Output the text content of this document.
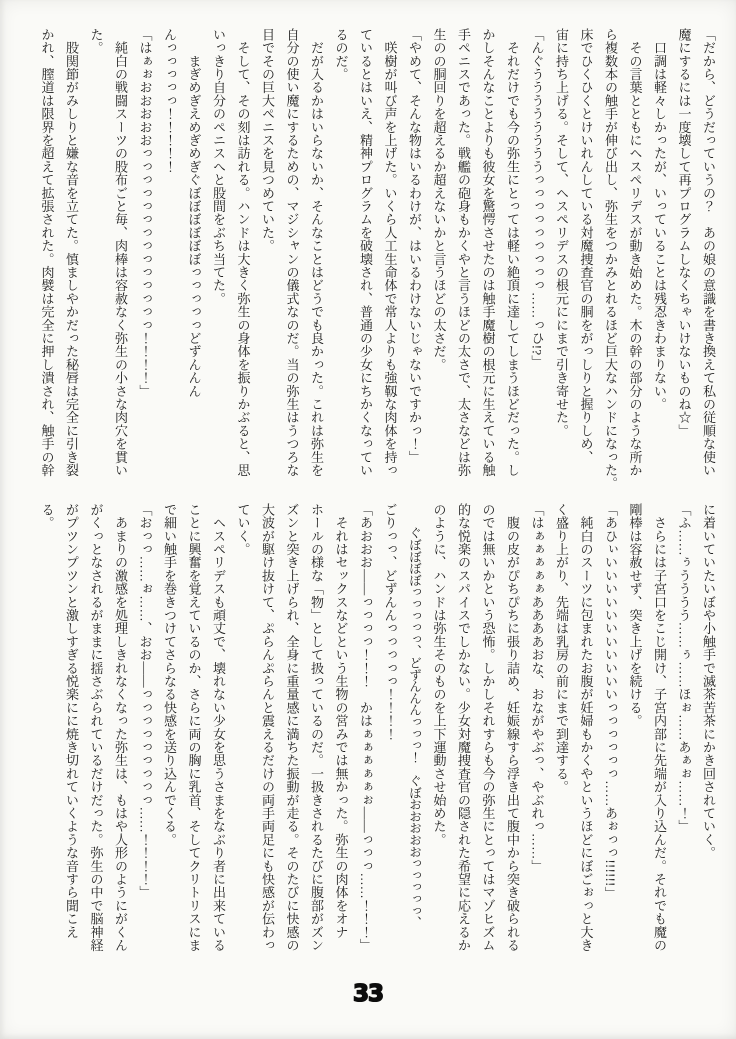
「だから、どうだっていうの？　あの娘の意識を書き換えて私の従順な使い

魔にするには一度壊して再プログラムしなくちゃいけないものね☆」

　口調は軽々しかったが、いっていることは残忍きわまりない。

　その言葉とともにヘスペリデスが動き始めた。木の幹の部分のような所か

ら複数本の触手が伸び出し、弥生をつかみとれるほど巨大なハンドになった。

床でひくひくとけいれんしている対魔捜査官の胴をがっしりと握りしめ、

宙に持ち上げる。そして、ヘスペリデスの根元ににまで引き寄せた。

「んぐううううううううっっっっっっっっっ……っひ!?」

　それだけでも今の弥生にとっては軽い絶頂に達してしまうほどだった。し

かしそんなことよりも彼女を驚愕させたのは触手魔樹の根元に生えている触

手ペニスであった。戦艦の砲身もかくやと言うほどの太さで、太さなどは弥

生のの胴回りを超えるか超えないかと言うほどの太さだ。

「やめて、そんな物はいるわけが、はいるわけないじゃないですかっ！」

　咲樹が叫び声を上げた。いくら人工生命体で常人よりも強靱な肉体を持っ

ているとはいえ、精神プログラムを破壊され、普通の少女にちかくなってい

るのだ。

　だが入るかはいらないか、そんなことはどうでも良かった。これは弥生を

自分の使い魔にするための、マジシャンの儀式なのだ。当の弥生はうつろな

目でその巨大ペニスを見つめていた。

　そして、その刻は訪れる。ハンドは大きく弥生の身体を振りかぶると、思

いっきり自分のペニスへと股間をぶち当てた。

　　まぎめぎえめぎめぎぐぼぼぼぼぼぼっっっっっどずんんん

んっっっっっ！！！！！

「はぁぉおおおおおっっっっっっっっっっっっっっ！！！！」

　純白の戦闘スーツの股布ごと毎、肉棒は容赦なく弥生の小さな肉穴を貫い

た。

　股関節がみしりと嫌な音を立てた。慎ましやかだった秘唇は完全に引き裂

かれ、膣道は限界を超えて拡張された。肉襞は完全に押し潰され、触手の幹

に着いていたいぼや小触手で滅茶苦茶にかき回されていく。

「ふ……ぅうううう……ぅ……ほぉ……あぁぉ……！」

　さらには子宮口をこじ開け、子宮内部に先端が入り込んだ。それでも魔の

剛棒は容赦せず、突き上げを続ける。

「あひぃいいいいいいいいいいいっっっっっっ……あぉっっ!!!!!!」

　純白のスーツに包まれたお腹が妊婦もかくやというほどにぼごぉっと大き

く盛り上がり、先端は乳房の前にまで到達する。

「はぁぁぁぁぁああああおな、おながやぶっ、やぶれっ……」

　腹の皮がぴちぴちに張り詰め、妊娠線すら浮き出て腹中から突き破られる

のでは無いかという恐怖。しかしそれすらも今の弥生にとってはマゾヒズム

的な悦楽のスパイスでしかない。少女対魔捜査官の隠された希望に応えるか

のように、ハンドは弥生そのものを上下運動させ始めた。

　　ぐぼぼぼぼっっっっっ、どずんんんっっっ！　ぐぼおおおおおっっっっっ、

ごりっっ、どずんんっっっっっ！！！！

「あおおお――っっっっ！！！　かはぁぁぁぁぁぉ――っっっ……！！！」

　それはセックスなどという生物の営みでは無かった。弥生の肉体をオナ

ホールの様な「物」として扱っているのだ。一扱きされるたびに腹部がズン

ズンと突き上げられ、全身に重量感に満ちた振動が走る。そのたびに快感の

大波が駆け抜けて、ぷらんぷらんと震えるだけの両手両足にも快感が伝わっ

ていく。

　ヘスペリデスも頑丈で、壊れない少女を思うさまをなぶり者に出来ている

ことに興奮を覚えているのか、さらに両の胸に乳首、そしてクリトリスにま

で細い触手を巻きつけてさらなる快感を送り込んでくる。

「おっっ……ぉ……、おお――っっっっっっっっっ……！！！！」

　あまりの激感を処理しきれなくなった弥生は、もはや人形のようにがくん

がくっとなされるがままに揺さぶられているだけだった。弥生の中で脳神経

がプツンプツンと激しすぎる悦楽にに焼き切れていくような音すら聞こえ

る。

33
